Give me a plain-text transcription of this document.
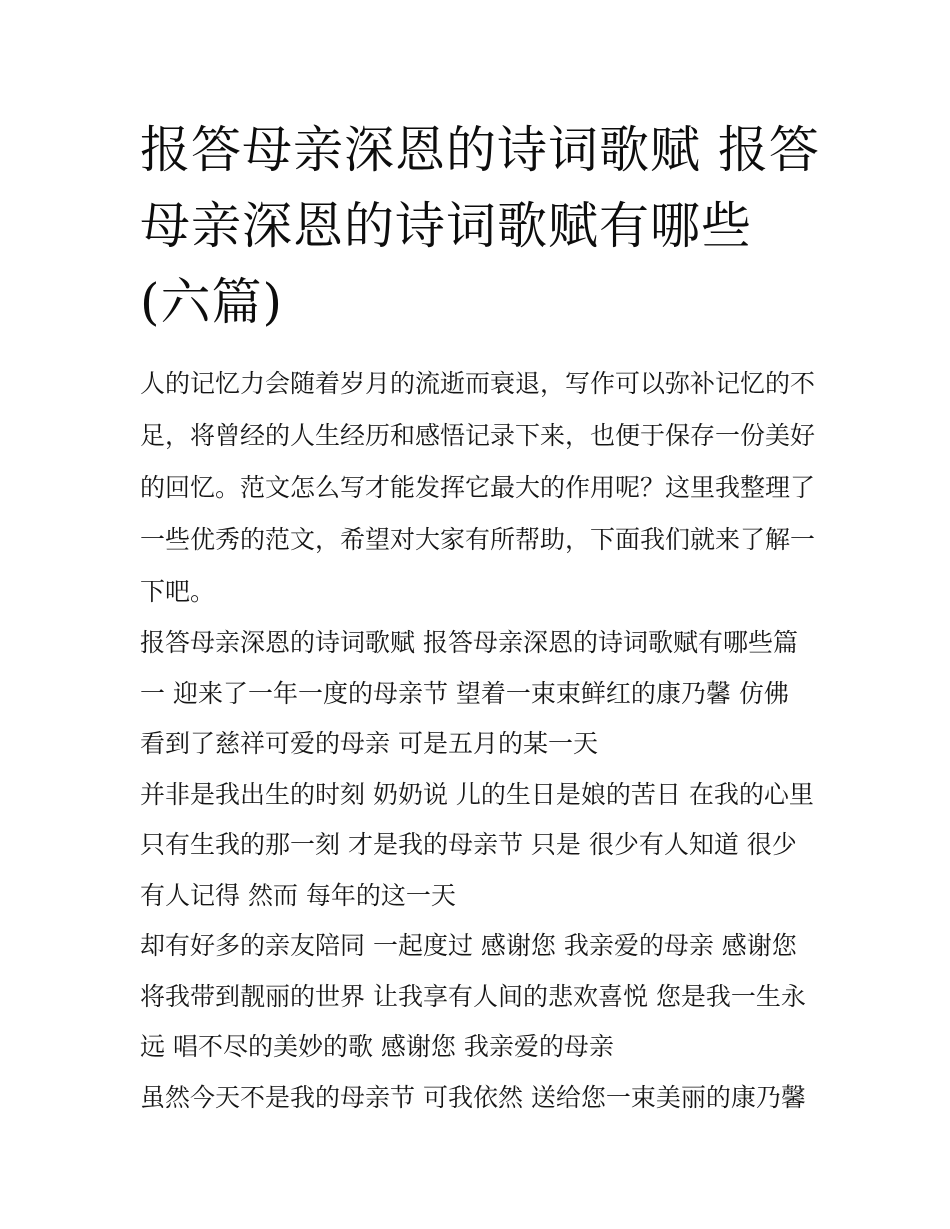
报答母亲深恩的诗词歌赋 报答母亲深恩的诗词歌赋有哪些(六篇)

人的记忆力会随着岁月的流逝而衰退，写作可以弥补记忆的不足，将曾经的人生经历和感悟记录下来，也便于保存一份美好的回忆。范文怎么写才能发挥它最大的作用呢？这里我整理了一些优秀的范文，希望对大家有所帮助，下面我们就来了解一下吧。

报答母亲深恩的诗词歌赋 报答母亲深恩的诗词歌赋有哪些篇
一 迎来了一年一度的母亲节 望着一束束鲜红的康乃馨 仿佛
看到了慈祥可爱的母亲 可是五月的某一天
并非是我出生的时刻 奶奶说 儿的生日是娘的苦日 在我的心里
只有生我的那一刻 才是我的母亲节 只是 很少有人知道 很少
有人记得 然而 每年的这一天
却有好多的亲友陪同 一起度过 感谢您 我亲爱的母亲 感谢您
将我带到靓丽的世界 让我享有人间的悲欢喜悦 您是我一生永
远 唱不尽的美妙的歌 感谢您 我亲爱的母亲
虽然今天不是我的母亲节 可我依然 送给您一束美丽的康乃馨
